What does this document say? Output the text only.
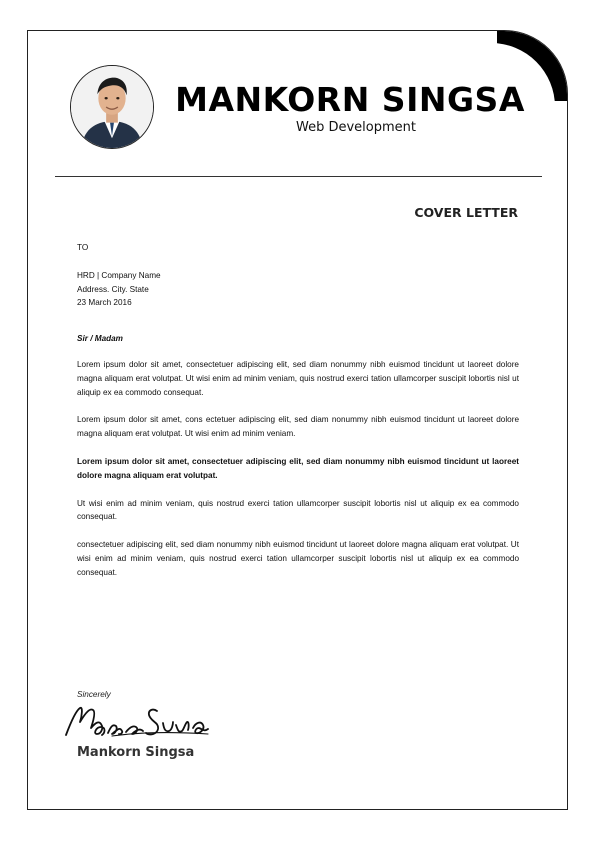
MANKORN SINGSA
Web Development
COVER LETTER

TO

HRD | Company Name

Address. City. State

23 March 2016

Sir / Madam

Lorem ipsum dolor sit amet, consectetuer adipiscing elit, sed diam nonummy nibh euismod tincidunt ut laoreet dolore magna aliquam erat volutpat. Ut wisi enim ad minim veniam, quis nostrud exerci tation ullamcorper suscipit lobortis nisl ut aliquip ex ea commodo consequat.

Lorem ipsum dolor sit amet, cons ectetuer adipiscing elit, sed diam nonummy nibh euismod tincidunt ut laoreet dolore magna aliquam erat volutpat. Ut wisi enim ad minim veniam.

Lorem ipsum dolor sit amet, consectetuer adipiscing elit, sed diam nonummy nibh euismod tincidunt ut laoreet dolore magna aliquam erat volutpat.

Ut wisi enim ad minim veniam, quis nostrud exerci tation ullamcorper suscipit lobortis nisl ut aliquip ex ea commodo consequat.

consectetuer adipiscing elit, sed diam nonummy nibh euismod tincidunt ut laoreet dolore magna aliquam erat volutpat. Ut wisi enim ad minim veniam, quis nostrud exerci tation ullamcorper suscipit lobortis nisl ut aliquip ex ea commodo consequat.

Sincerely
Mankorn Singsa
